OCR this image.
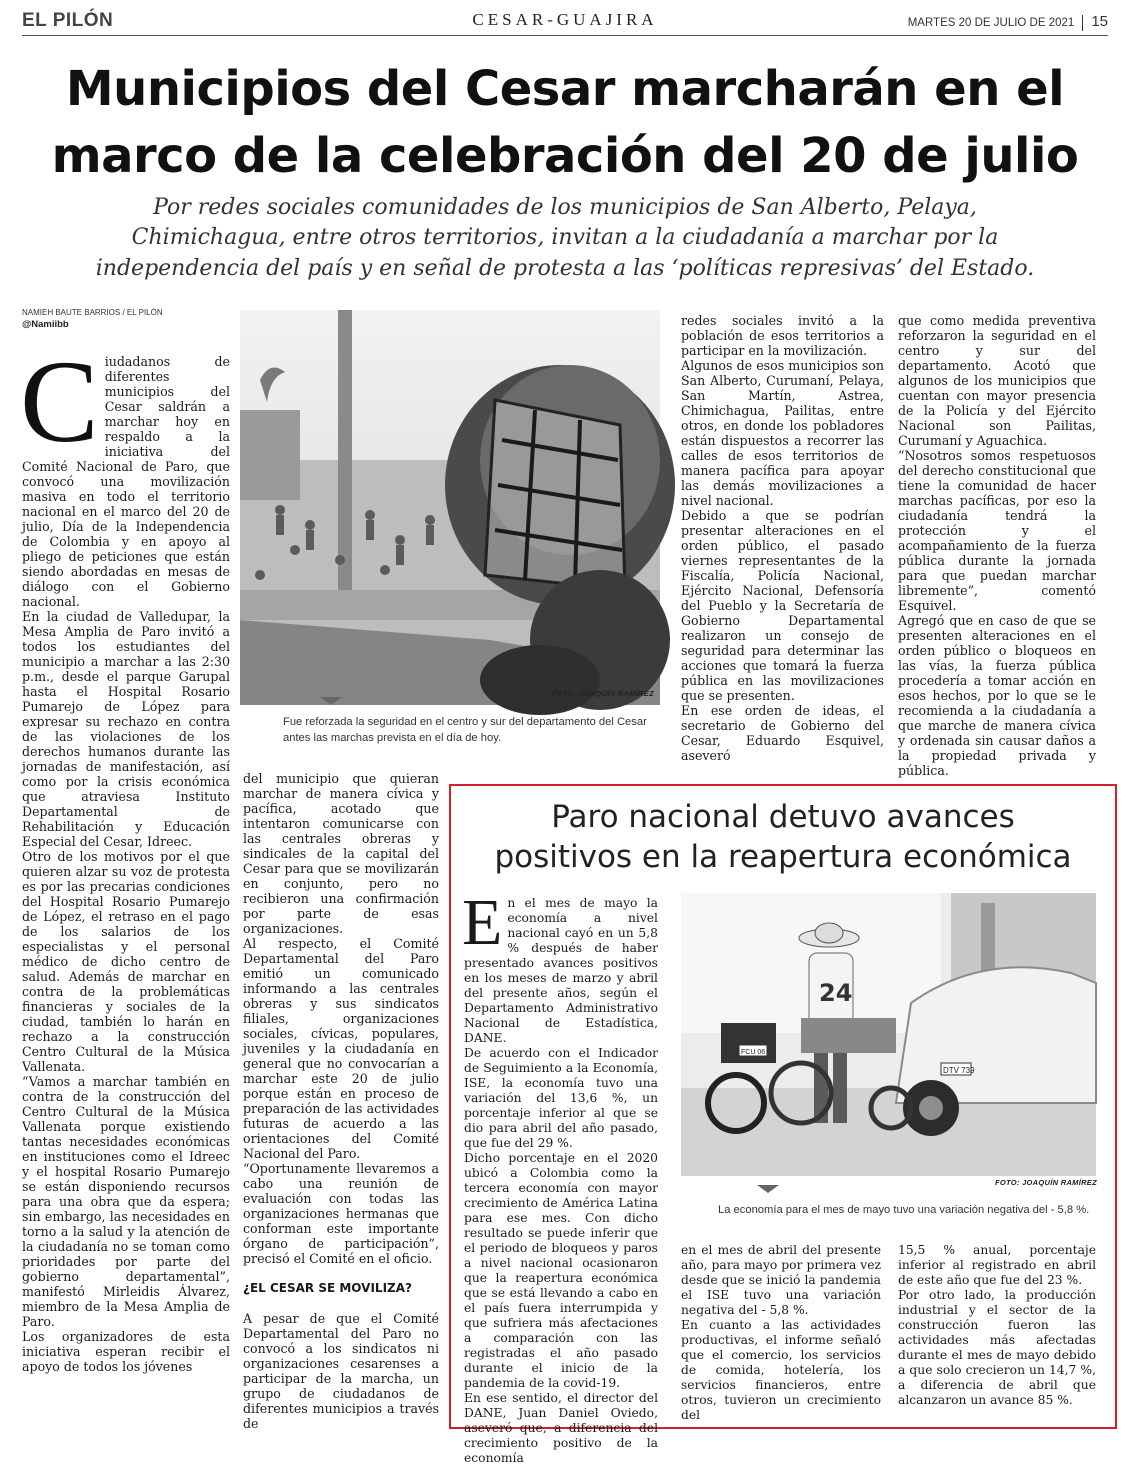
EL PILÓN	CESAR-GUAJIRA	MARTES 20 DE JULIO DE 2021 15
Municipios del Cesar marcharán en el
marco de la celebración del 20 de julio
Por redes sociales comunidades de los municipios de San Alberto, Pelaya,
Chimichagua, entre otros territorios, invitan a la ciudadanía a marchar por la
independencia del país y en señal de protesta a las ‘políticas represivas’ del Estado.
NAMIEH BAUTE BARRIOS / EL PILÓN
@Namiibb
C iudadanos de diferentes municipios del Cesar saldrán a marchar hoy en respaldo a la iniciativa del Comité Nacional de Paro, que convocó una movilización masiva en todo el territorio nacional en el marco del 20 de julio, Día de la Independencia de Colombia y en apoyo al pliego de peticiones que están siendo abordadas en mesas de diálogo con el Gobierno nacional.

En la ciudad de Valledupar, la Mesa Amplia de Paro invitó a todos los estudiantes del municipio a marchar a las 2:30 p.m., desde el parque Garupal hasta el Hospital Rosario Pumarejo de López para expresar su rechazo en contra de las violaciones de los derechos humanos durante las jornadas de manifestación, así como por la crisis económica que atraviesa Instituto Departamental de Rehabilitación y Educación Especial del Cesar, Idreec.

Otro de los motivos por el que quieren alzar su voz de protesta es por las precarias condiciones del Hospital Rosario Pumarejo de López, el retraso en el pago de los salarios de los especialistas y el personal médico de dicho centro de salud. Además de marchar en contra de la problemáticas financieras y sociales de la ciudad, también lo harán en rechazo a la construcción Centro Cultural de la Música Vallenata.

“Vamos a marchar también en contra de la construcción del Centro Cultural de la Música Vallenata porque existiendo tantas necesidades económicas en instituciones como el Idreec y el hospital Rosario Pumarejo se están disponiendo recursos para una obra que da espera; sin embargo, las necesidades en torno a la salud y la atención de la ciudadanía no se toman como prioridades por parte del gobierno departamental”, manifestó Mirleidis Álvarez, miembro de la Mesa Amplia de Paro.

Los organizadores de esta iniciativa esperan recibir el apoyo de todos los jóvenes

FOTO: JOAQUÍN RAMÍREZ
Fue reforzada la seguridad en el centro y sur del departamento del Cesar
antes las marchas prevista en el día de hoy.

del municipio que quieran marchar de manera cívica y pacífica, acotado que intentaron comunicarse con las centrales obreras y sindicales de la capital del Cesar para que se movilizarán en conjunto, pero no recibieron una confirmación por parte de esas organizaciones.

Al respecto, el Comité Departamental del Paro emitió un comunicado informando a las centrales obreras y sus sindicatos filiales, organizaciones sociales, cívicas, populares, juveniles y la ciudadanía en general que no convocarían a marchar este 20 de julio porque están en proceso de preparación de las actividades futuras de acuerdo a las orientaciones del Comité Nacional del Paro.

“Oportunamente llevaremos a cabo una reunión de evaluación con todas las organizaciones hermanas que conforman este importante órgano de participación”, precisó el Comité en el oficio.

¿EL CESAR SE MOVILIZA?

A pesar de que el Comité Departamental del Paro no convocó a los sindicatos ni organizaciones cesarenses a participar de la marcha, un grupo de ciudadanos de diferentes municipios a través de

redes sociales invitó a la población de esos territorios a participar en la movilización.

Algunos de esos municipios son San Alberto, Curumaní, Pelaya, San Martín, Astrea, Chimichagua, Pailitas, entre otros, en donde los pobladores están dispuestos a recorrer las calles de esos territorios de manera pacífica para apoyar las demás movilizaciones a nivel nacional.

Debido a que se podrían presentar alteraciones en el orden público, el pasado viernes representantes de la Fiscalía, Policía Nacional, Ejército Nacional, Defensoría del Pueblo y la Secretaría de Gobierno Departamental realizaron un consejo de seguridad para determinar las acciones que tomará la fuerza pública en las movilizaciones que se presenten.

En ese orden de ideas, el secretario de Gobierno del Cesar, Eduardo Esquivel, aseveró

que como medida preventiva reforzaron la seguridad en el centro y sur del departamento. Acotó que algunos de los municipios que cuentan con mayor presencia de la Policía y del Ejército Nacional son Pailitas, Curumaní y Aguachica.

“Nosotros somos respetuosos del derecho constitucional que tiene la comunidad de hacer marchas pacíficas, por eso la ciudadanía tendrá la protección y el acompañamiento de la fuerza pública durante la jornada para que puedan marchar libremente”, comentó Esquivel.

Agregó que en caso de que se presenten alteraciones en el orden público o bloqueos en las vías, la fuerza pública procedería a tomar acción en esos hechos, por lo que se le recomienda a la ciudadanía a que marche de manera cívica y ordenada sin causar daños a la propiedad privada y pública.

Paro nacional detuvo avances
positivos en la reapertura económica
E n el mes de mayo la economía a nivel nacional cayó en un 5,8 % después de haber presentado avances positivos en los meses de marzo y abril del presente años, según el Departamento Administrativo Nacional de Estadística, DANE.

De acuerdo con el Indicador de Seguimiento a la Economía, ISE, la economía tuvo una variación del 13,6 %, un porcentaje inferior al que se dio para abril del año pasado, que fue del 29 %.

Dicho porcentaje en el 2020 ubicó a Colombia como la tercera economía con mayor crecimiento de América Latina para ese mes. Con dicho resultado se puede inferir que el periodo de bloqueos y paros a nivel nacional ocasionaron que la reapertura económica que se está llevando a cabo en el país fuera interrumpida y que sufriera más afectaciones a comparación con las registradas el año pasado durante el inicio de la pandemia de la covid-19.

En ese sentido, el director del DANE, Juan Daniel Oviedo, aseveró que, a diferencia del crecimiento positivo de la economía

DTV 739
24
FCU 06
FOTO: JOAQUÍN RAMÍREZ
La economía para el mes de mayo tuvo una variación negativa del - 5,8 %.

en el mes de abril del presente año, para mayo por primera vez desde que se inició la pandemia el ISE tuvo una variación negativa del - 5,8 %.

En cuanto a las actividades productivas, el informe señaló que el comercio, los servicios de comida, hotelería, los servicios financieros, entre otros, tuvieron un crecimiento del

15,5 % anual, porcentaje inferior al registrado en abril de este año que fue del 23 %.

Por otro lado, la producción industrial y el sector de la construcción fueron las actividades más afectadas durante el mes de mayo debido a que solo crecieron un 14,7 %, a diferencia de abril que alcanzaron un avance 85 %.
